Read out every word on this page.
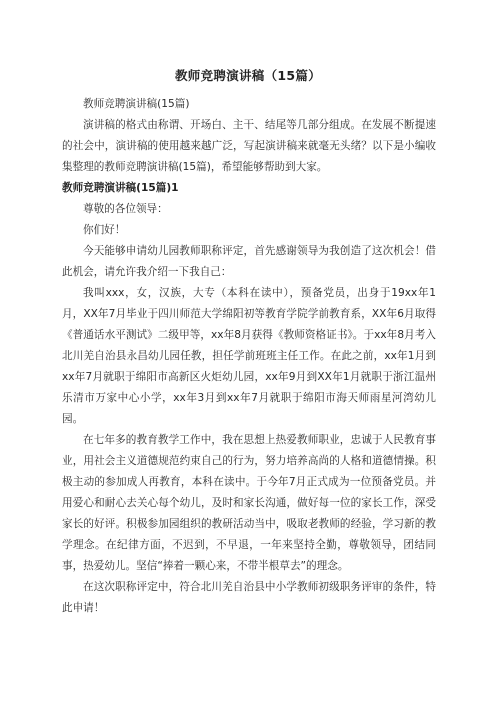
教师竞聘演讲稿（15篇）

教师竞聘演讲稿(15篇)

演讲稿的格式由称谓、开场白、主干、结尾等几部分组成。在发展不断提速的社会中，演讲稿的使用越来越广泛，写起演讲稿来就毫无头绪？以下是小编收集整理的教师竞聘演讲稿(15篇)，希望能够帮助到大家。

教师竞聘演讲稿(15篇)1

尊敬的各位领导：

你们好！

今天能够申请幼儿园教师职称评定，首先感谢领导为我创造了这次机会！借此机会，请允许我介绍一下我自己：

我叫xxx，女，汉族，大专（本科在读中），预备党员，出身于19xx年1月，XX年7月毕业于四川师范大学绵阳初等教育学院学前教育系，XX年6月取得《普通话水平测试》二级甲等，xx年8月获得《教师资格证书》。于xx年8月考入北川羌自治县永昌幼儿园任教，担任学前班班主任工作。在此之前，xx年1月到xx年7月就职于绵阳市高新区火炬幼儿园，xx年9月到XX年1月就职于浙江温州乐清市万家中心小学，xx年3月到xx年7月就职于绵阳市海天师雨星河湾幼儿园。

在七年多的教育教学工作中，我在思想上热爱教师职业，忠诚于人民教育事业，用社会主义道德规范约束自己的行为，努力培养高尚的人格和道德情操。积极主动的参加成人再教育，本科在读中。于今年7月正式成为一位预备党员。并用爱心和耐心去关心每个幼儿，及时和家长沟通，做好每一位的家长工作，深受家长的好评。积极参加园组织的教研活动当中，吸取老教师的经验，学习新的教学理念。在纪律方面，不迟到，不早退，一年来坚持全勤，尊敬领导，团结同事，热爱幼儿。坚信“捧着一颗心来，不带半根草去”的理念。

在这次职称评定中，符合北川羌自治县中小学教师初级职务评审的条件，特此申请！
